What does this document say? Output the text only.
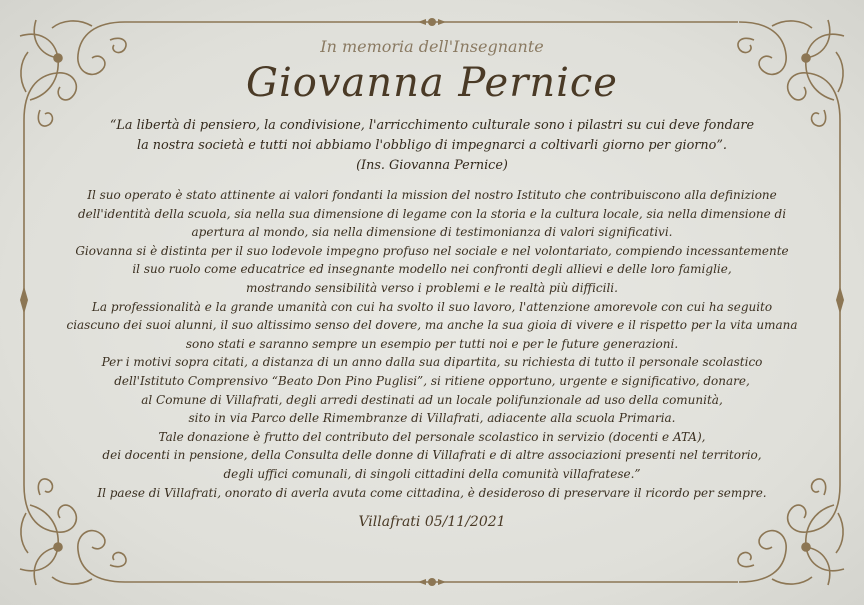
In memoria dell'Insegnante

Giovanna Pernice

“La libertà di pensiero, la condivisione, l'arricchimento culturale sono i pilastri su cui deve fondare

la nostra società e tutti noi abbiamo l'obbligo di impegnarci a coltivarli giorno per giorno”.

(Ins. Giovanna Pernice)

Il suo operato è stato attinente ai valori fondanti la mission del nostro Istituto che contribuiscono alla definizione

dell'identità della scuola, sia nella sua dimensione di legame con la storia e la cultura locale, sia nella dimensione di

apertura al mondo, sia nella dimensione di testimonianza di valori significativi.

Giovanna si è distinta per il suo lodevole impegno profuso nel sociale e nel volontariato, compiendo incessantemente

il suo ruolo come educatrice ed insegnante modello nei confronti degli allievi e delle loro famiglie,

mostrando sensibilità verso i problemi e le realtà più difficili.

La professionalità e la grande umanità con cui ha svolto il suo lavoro, l'attenzione amorevole con cui ha seguito

ciascuno dei suoi alunni, il suo altissimo senso del dovere, ma anche la sua gioia di vivere e il rispetto per la vita umana

sono stati e saranno sempre un esempio per tutti noi e per le future generazioni.

Per i motivi sopra citati, a distanza di un anno dalla sua dipartita, su richiesta di tutto il personale scolastico

dell'Istituto Comprensivo “Beato Don Pino Puglisi”, si ritiene opportuno, urgente e significativo, donare,

al Comune di Villafrati, degli arredi destinati ad un locale polifunzionale ad uso della comunità,

sito in via Parco delle Rimembranze di Villafrati, adiacente alla scuola Primaria.

Tale donazione è frutto del contributo del personale scolastico in servizio (docenti e ATA),

dei docenti in pensione, della Consulta delle donne di Villafrati e di altre associazioni presenti nel territorio,

degli uffici comunali, di singoli cittadini della comunità villafratese.”

Il paese di Villafrati, onorato di averla avuta come cittadina, è desideroso di preservare il ricordo per sempre.

Villafrati 05/11/2021
